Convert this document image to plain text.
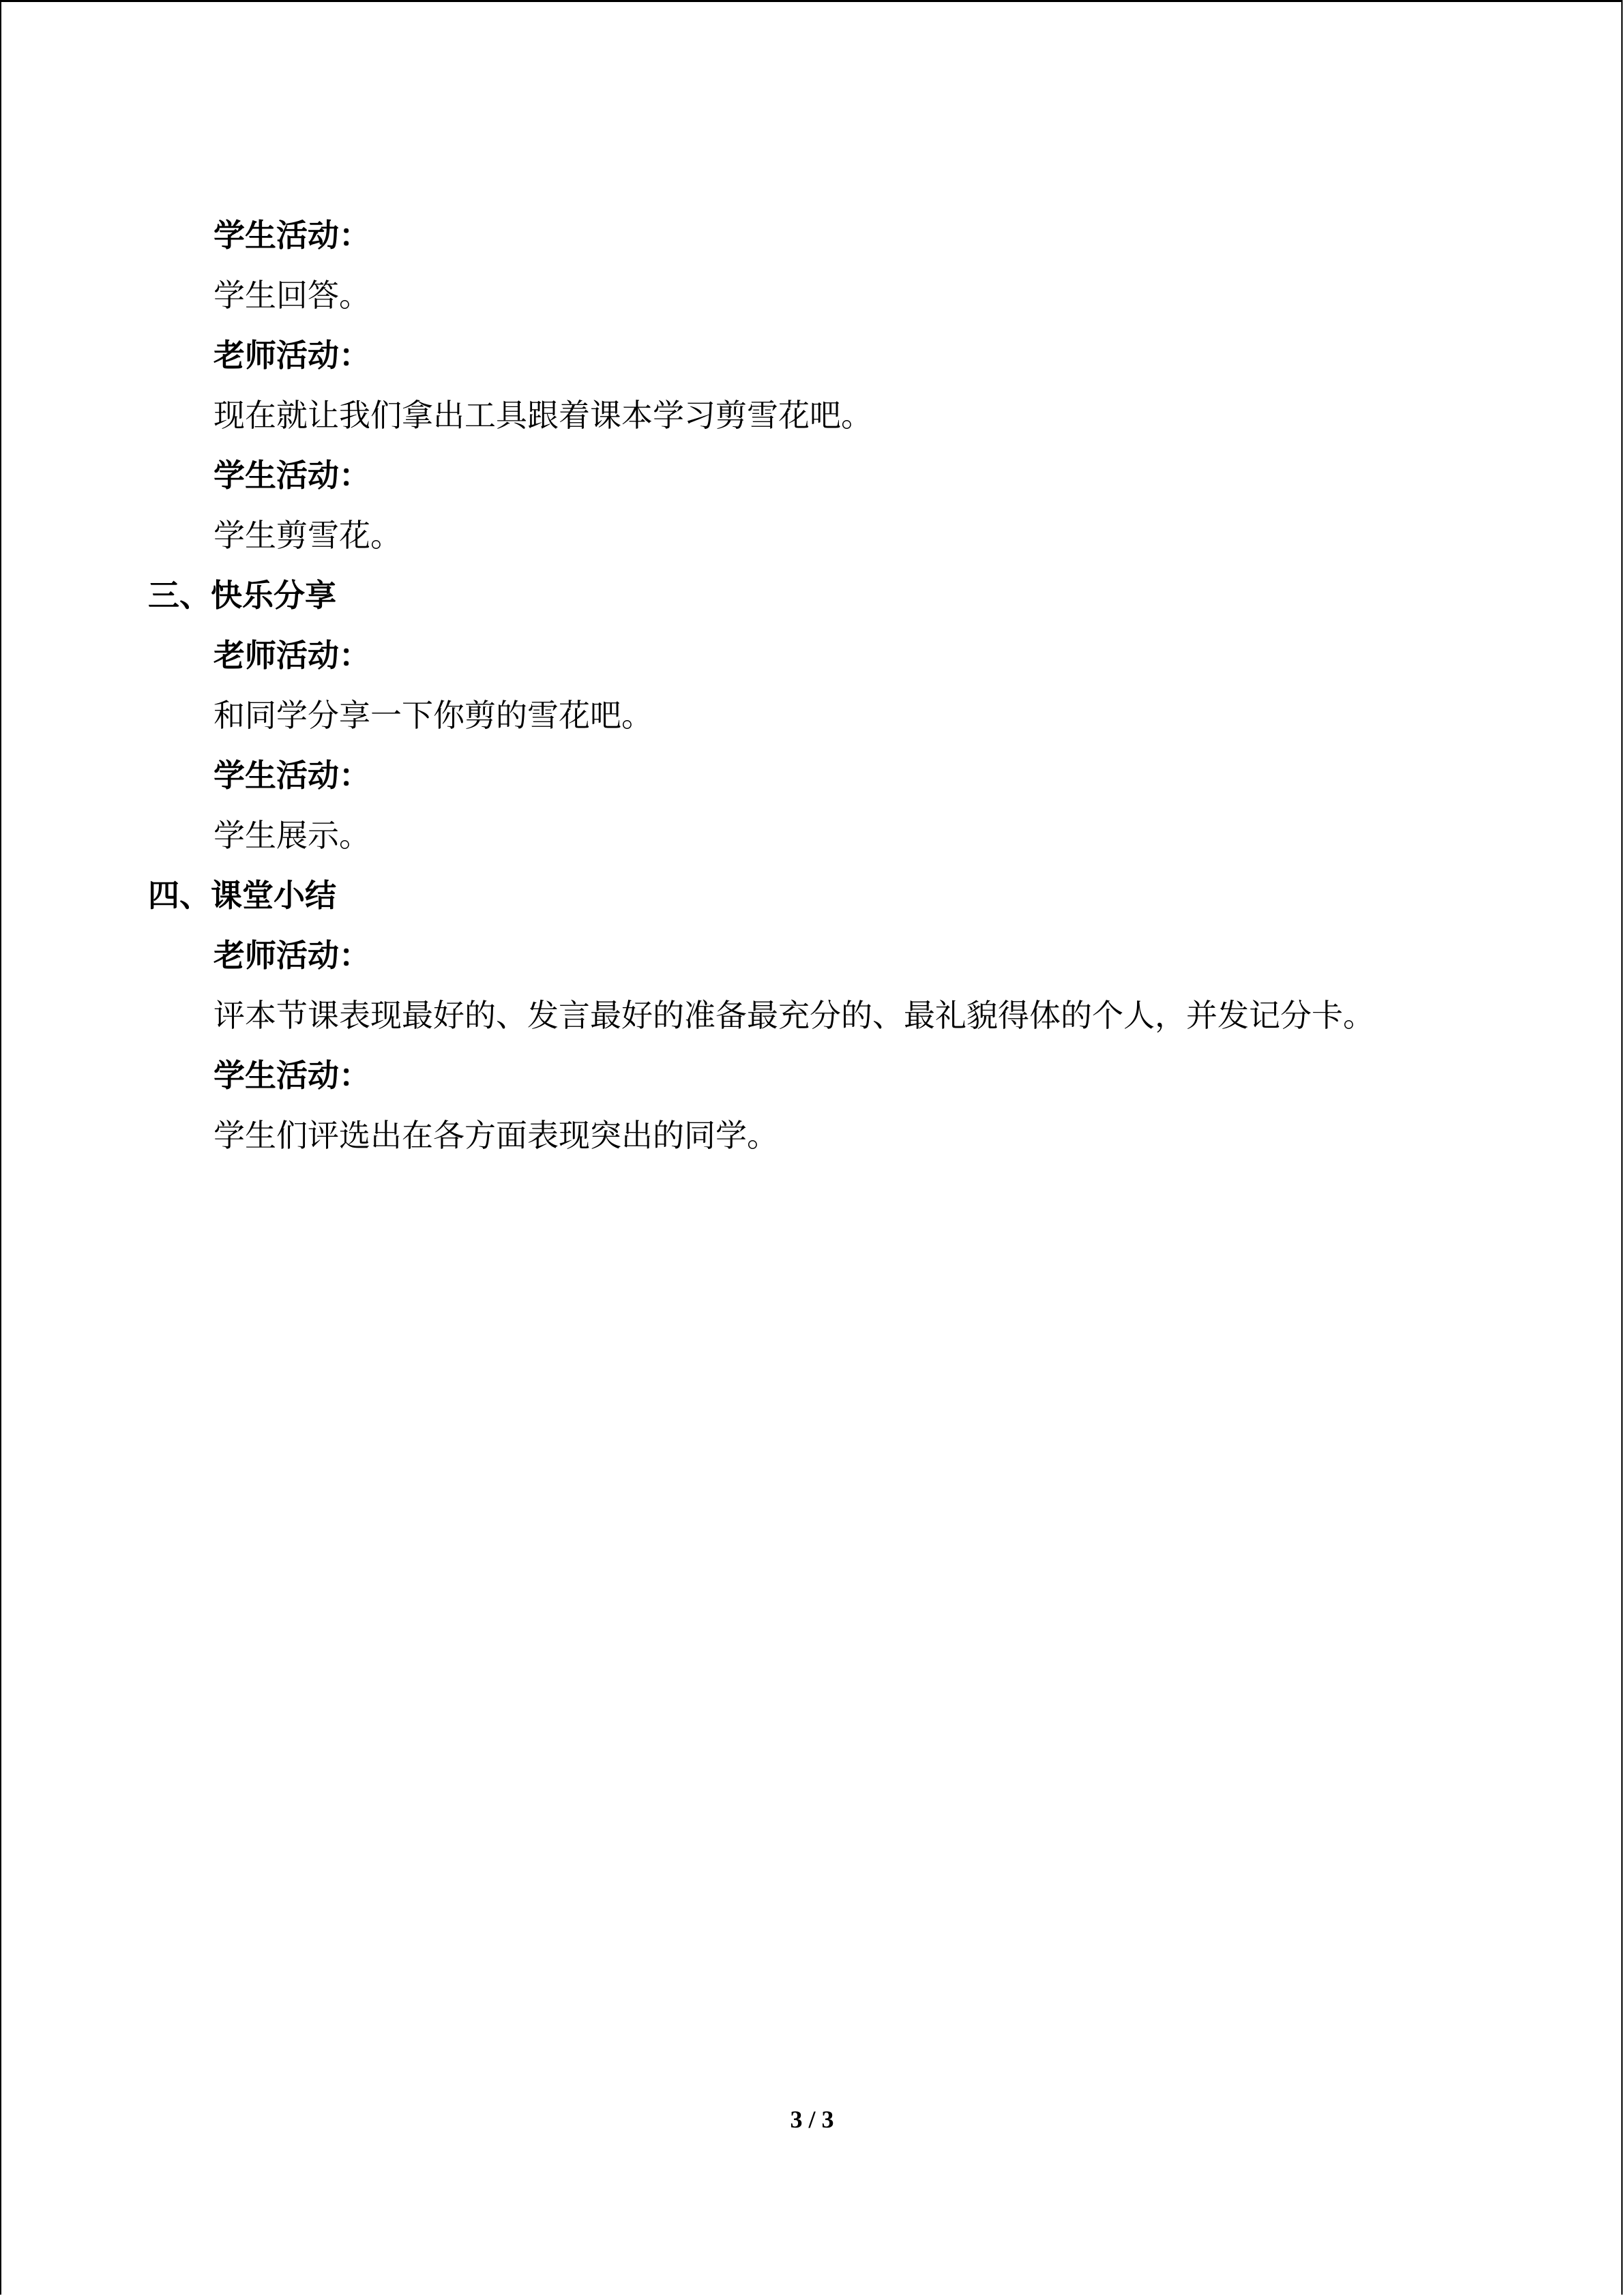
学生活动：
学生回答。
老师活动：
现在就让我们拿出工具跟着课本学习剪雪花吧。
学生活动：
学生剪雪花。
三、快乐分享
老师活动：
和同学分享一下你剪的雪花吧。
学生活动：
学生展示。
四、课堂小结
老师活动：
评本节课表现最好的、发言最好的准备最充分的、最礼貌得体的个人，并发记分卡。
学生活动：
学生们评选出在各方面表现突出的同学。
3 / 3
